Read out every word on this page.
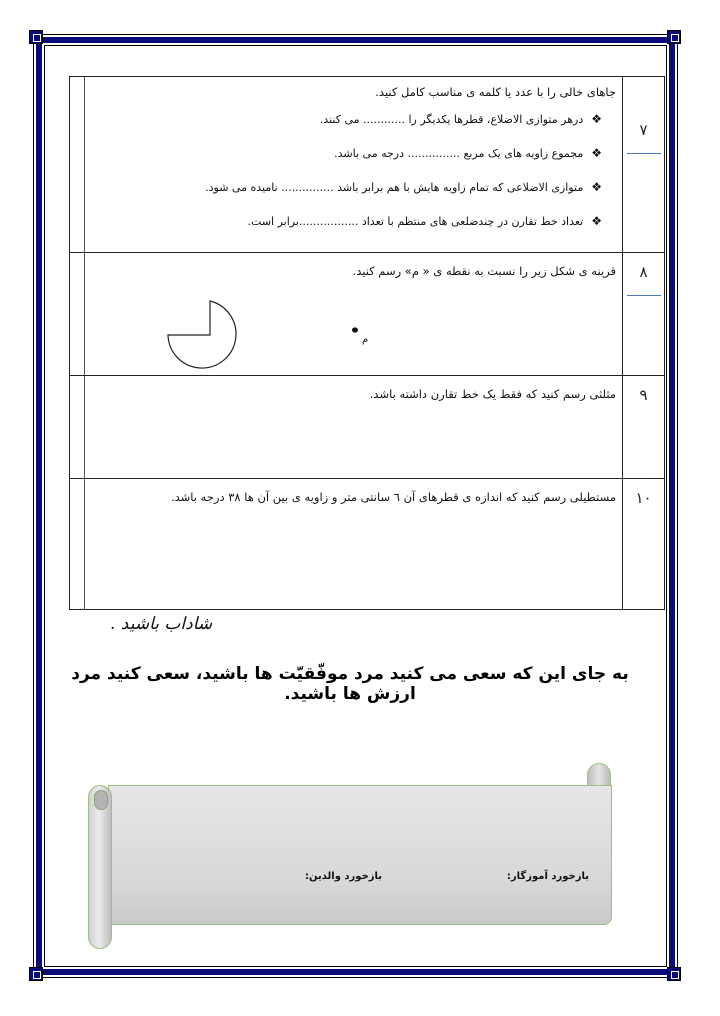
جاهای خالی را با عدد یا کلمه ی مناسب کامل کنید.
❖درهر متوازی الاضلاع، قطرها یکدیگر را ............ می کنند.
❖مجموع زاویه های یک مربع ............... درجه می باشد.
❖متوازی الاضلاعی که تمام زاویه هایش با هم برابر باشد ............... نامیده می شود.
❖تعداد خط تقارن در چندضلعی های منتظم با تعداد .................برابر است.
۷
قرینه ی شکل زیر را نسبت به نقطه ی « م» رسم کنید.
م
۸
مثلثی رسم کنید که فقط یک خط تقارن داشته باشد.	۹
مستطیلی رسم کنید که اندازه ی قطرهای آن ٦ سانتی متر و زاویه ی بین آن ها ۳۸ درجه باشد.	۱۰
شاداب باشید .
به جای این که سعی می کنید مرد موفّقیّت ها باشید، سعی کنید مرد ارزش ها باشید.
بازخورد آموزگار:
بازخورد والدین:
